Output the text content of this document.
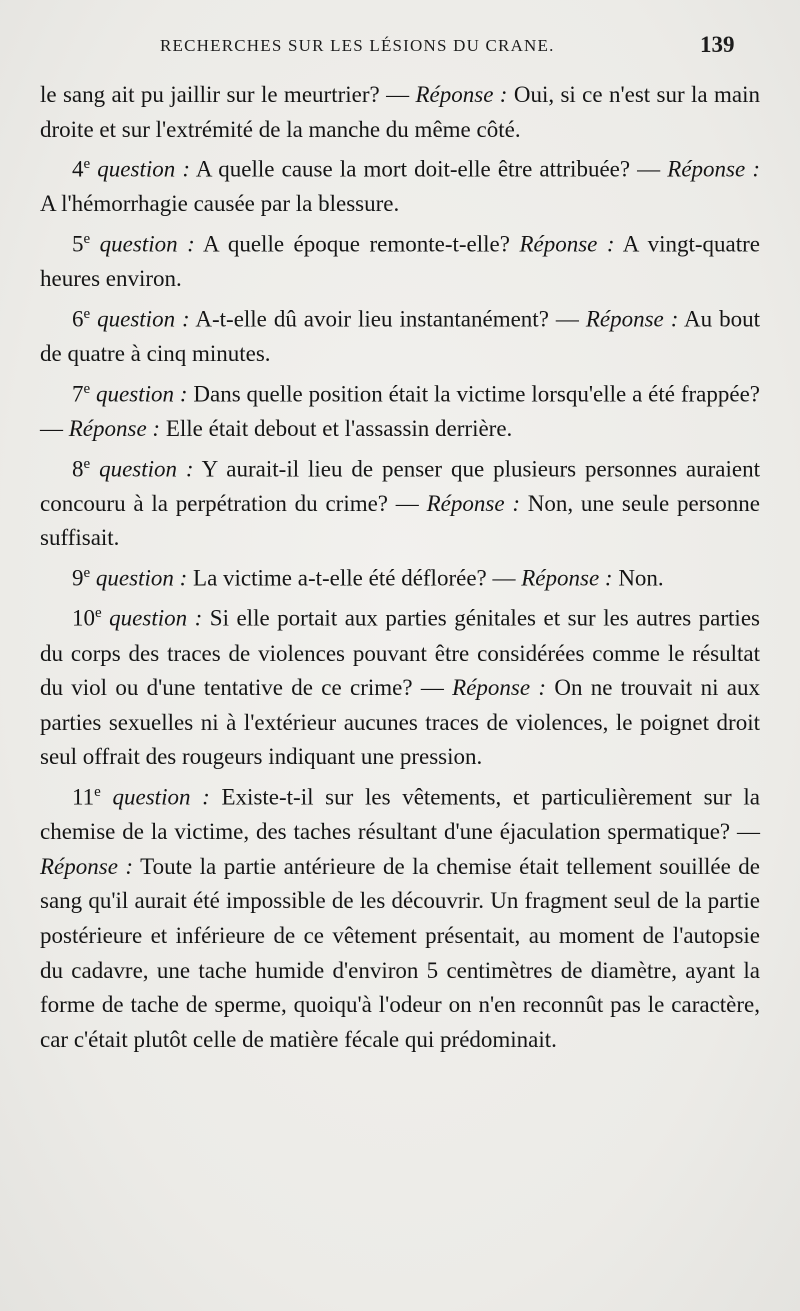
RECHERCHES SUR LES LÉSIONS DU CRANE.	139

le sang ait pu jaillir sur le meurtrier? — Réponse : Oui, si ce n'est sur la main droite et sur l'extrémité de la manche du même côté.

4e question : A quelle cause la mort doit-elle être attribuée? — Réponse : A l'hémorrhagie causée par la blessure.

5e question : A quelle époque remonte-t-elle? Réponse : A vingt-quatre heures environ.

6e question : A-t-elle dû avoir lieu instantanément? — Réponse : Au bout de quatre à cinq minutes.

7e question : Dans quelle position était la victime lorsqu'elle a été frappée? — Réponse : Elle était debout et l'assassin derrière.

8e question : Y aurait-il lieu de penser que plusieurs personnes auraient concouru à la perpétration du crime? — Réponse : Non, une seule personne suffisait.

9e question : La victime a-t-elle été déflorée? — Réponse : Non.

10e question : Si elle portait aux parties génitales et sur les autres parties du corps des traces de violences pouvant être considérées comme le résultat du viol ou d'une tentative de ce crime? — Réponse : On ne trouvait ni aux parties sexuelles ni à l'extérieur aucunes traces de violences, le poignet droit seul offrait des rougeurs indiquant une pression.

11e question : Existe-t-il sur les vêtements, et particulièrement sur la chemise de la victime, des taches résultant d'une éjaculation spermatique? — Réponse : Toute la partie antérieure de la chemise était tellement souillée de sang qu'il aurait été impossible de les découvrir. Un fragment seul de la partie postérieure et inférieure de ce vêtement présentait, au moment de l'autopsie du cadavre, une tache humide d'environ 5 centimètres de diamètre, ayant la forme de tache de sperme, quoiqu'à l'odeur on n'en reconnût pas le caractère, car c'était plutôt celle de matière fécale qui prédominait.
